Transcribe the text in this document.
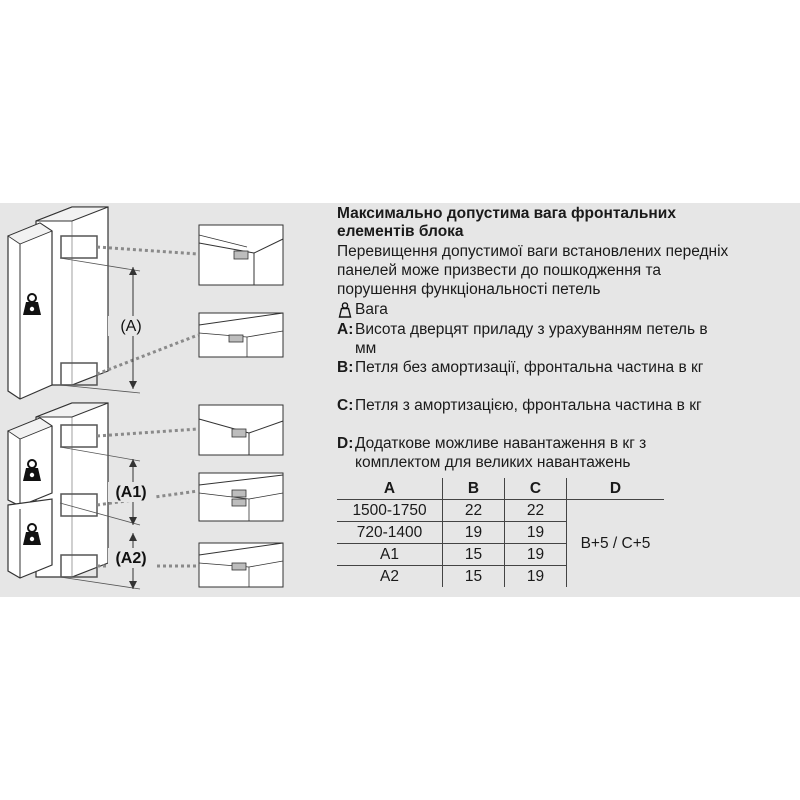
(A)
(A1)
(A2)
Максимально допустима вага фронтальних
елементів блока
Перевищення допустимої ваги встановлених передніх
панелей може призвести до пошкодження та
порушення функціональності петель
Вага
A: Висота дверцят приладу з урахуванням петель в
мм
B: Петля без амортизації, фронтальна частина в кг
C: Петля з амортизацією, фронтальна частина в кг
D: Додаткове можливе навантаження в кг з
комплектом для великих навантажень
A	B	C	D
1500-1750	22	22	B+5 / C+5
720-1400	19	19	
A1	15	19	
A2	15	19	
